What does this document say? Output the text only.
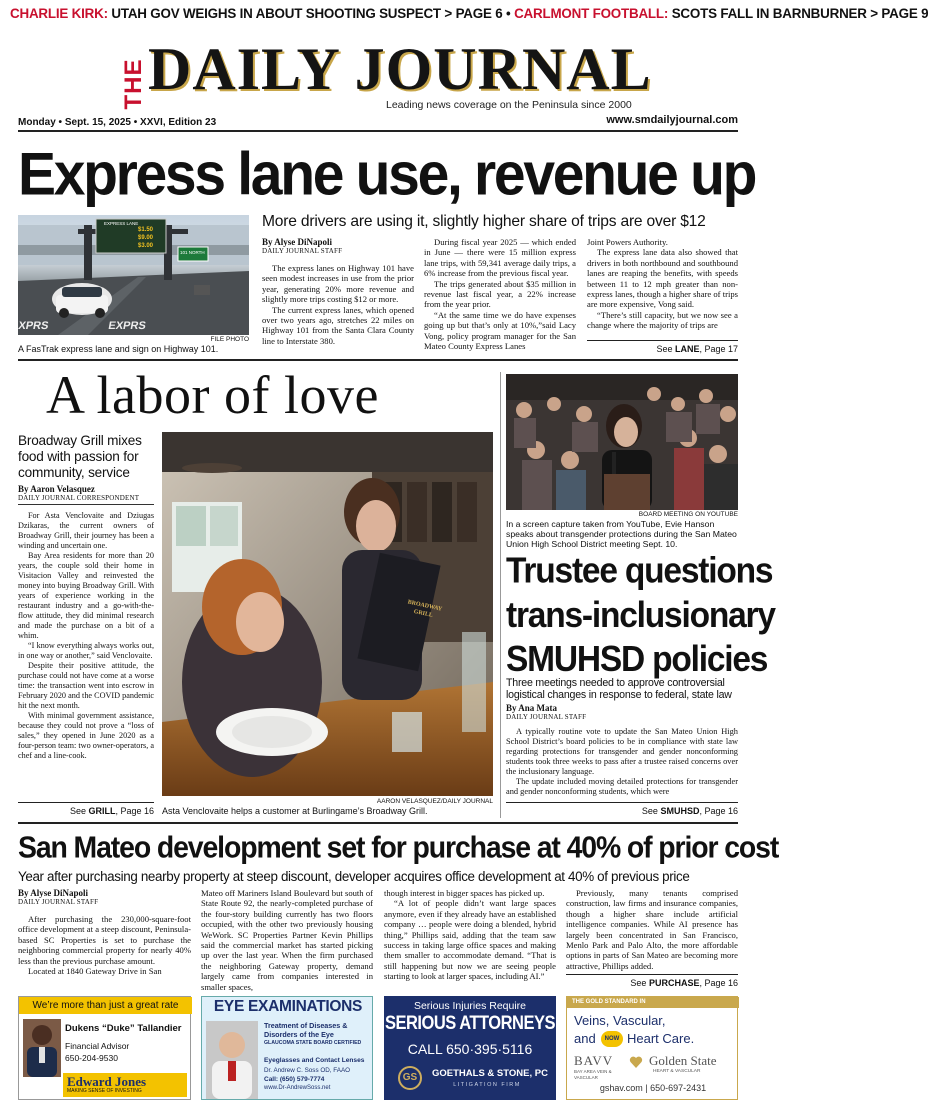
CHARLIE KIRK: UTAH GOV WEIGHS IN ABOUT SHOOTING SUSPECT > PAGE 6 • CARLMONT FOOTBALL: SCOTS FALL IN BARNBURNER > PAGE 9
THE DAILY JOURNAL
Leading news coverage on the Peninsula since 2000
Monday • Sept. 15, 2025 • XXVI, Edition 23	www.smdailyjournal.com
Express lane use, revenue up
XPRS	EXPRS
EXPRESS LANE
$1.50
$9.00
$3.00
101 NORTH
FILE PHOTO
A FasTrak express lane and sign on Highway 101.
More drivers are using it, slightly higher share of trips are over $12
By Alyse DiNapoli
DAILY JOURNAL STAFF

The express lanes on Highway 101 have seen modest increases in use from the prior year, generating 20% more revenue and slightly more trips costing $12 or more.

The current express lanes, which opened over two years ago, stretches 22 miles on Highway 101 from the Santa Clara County line to Interstate 380.

During fiscal year 2025 — which ended in June — there were 15 million express lane trips, with 59,341 average daily trips, a 6% increase from the previous fiscal year.

The trips generated about $35 million in revenue last fiscal year, a 22% increase from the year prior.

“At the same time we do have expenses going up but that’s only at 10%,”said Lacy Vong, policy program manager for the San Mateo County Express Lanes

Joint Powers Authority.

The express lane data also showed that drivers in both northbound and southbound lanes are reaping the benefits, with speeds between 11 to 12 mph greater than non-express lanes, though a higher share of trips are more expensive, Vong said.

“There’s still capacity, but we now see a change where the majority of trips are

See LANE, Page 17
A labor of love
Broadway Grill mixes food with passion for community, service
By Aaron Velasquez
DAILY JOURNAL CORRESPONDENT

For Asta Venclovaite and Dziugas Dzikaras, the current owners of Broadway Grill, their journey has been a winding and uncertain one.

Bay Area residents for more than 20 years, the couple sold their home in Visitacion Valley and reinvested the money into buying Broadway Grill. With years of experience working in the restaurant industry and a go-with-the-flow attitude, they did minimal research and made the purchase on a bit of a whim.

“I know everything always works out, in one way or another,” said Venclovaite.

Despite their positive attitude, the purchase could not have come at a worse time: the transaction went into escrow in February 2020 and the COVID pandemic hit the next month.

With minimal government assistance, because they could not prove a “loss of sales,” they opened in June 2020 as a four-person team: two owner-operators, a chef and a line-cook.

See GRILL, Page 16
BROADWAY GRILL
AARON VELASQUEZ/DAILY JOURNAL
Asta Venclovaite helps a customer at Burlingame’s Broadway Grill.
BOARD MEETING ON YOUTUBE
In a screen capture taken from YouTube, Evie Hanson speaks about transgender protections during the San Mateo Union High School District meeting Sept. 10.
Trustee questions
trans-inclusionary
SMUHSD policies
Three meetings needed to approve controversial logistical changes in response to federal, state law
By Ana Mata
DAILY JOURNAL STAFF

A typically routine vote to update the San Mateo Union High School District’s board policies to be in compliance with state law regarding protections for transgender and gender nonconforming students took three weeks to pass after a trustee raised concerns over the inclusionary language.

The update included moving detailed protections for transgender and gender nonconforming students, which were

See SMUHSD, Page 16
San Mateo development set for purchase at 40% of prior cost
Year after purchasing nearby property at steep discount, developer acquires office development at 40% of previous price
By Alyse DiNapoli
DAILY JOURNAL STAFF

After purchasing the 230,000-square-foot office development at a steep discount, Peninsula-based SC Properties is set to purchase the neighboring commercial property for nearly 40% less than the previous purchase amount.

Located at 1840 Gateway Drive in San

Mateo off Mariners Island Boulevard but south of State Route 92, the nearly-completed purchase of the four-story building currently has two floors occupied, with the other two previously housing WeWork. SC Properties Partner Kevin Phillips said the commercial market has started picking up over the last year. When the firm purchased the neighboring Gateway property, demand largely came from companies interested in smaller spaces,

though interest in bigger spaces has picked up.

“A lot of people didn’t want large spaces anymore, even if they already have an established company … people were doing a blended, hybrid thing,” Phillips said, adding that the team saw success in taking large office spaces and making them smaller to accommodate demand. “That is still happening but now we are seeing people starting to look at larger spaces, including AI.”

Previously, many tenants comprised construction, law firms and insurance companies, though a higher share include artificial intelligence companies. While AI presence has largely been concentrated in San Francisco, Menlo Park and Palo Alto, the more affordable options in parts of San Mateo are becoming more attractive, Phillips added.

See PURCHASE, Page 16
We’re more than just a great rate
Dukens “Duke” Tallandier
Financial Advisor
650-204-9530
Edward Jones
MAKING SENSE OF INVESTING
EYE EXAMINATIONS
Treatment of Diseases &
Disorders of the Eye
GLAUCOMA STATE BOARD CERTIFIED
Eyeglasses and Contact Lenses
Dr. Andrew C. Soss OD, FAAO
Call: (650) 579-7774
www.Dr-AndrewSoss.net
Serious Injuries Require
SERIOUS ATTORNEYS
CALL 650·395·5116
GS	GOETHALS & STONE, PC
LITIGATION FIRM
THE GOLD STANDARD IN
Veins, Vascular,
and	NOW Heart Care.
BAVV
BAY AREA VEIN & VASCULAR
Golden State
HEART & VASCULAR
gshav.com | 650-697-2431
